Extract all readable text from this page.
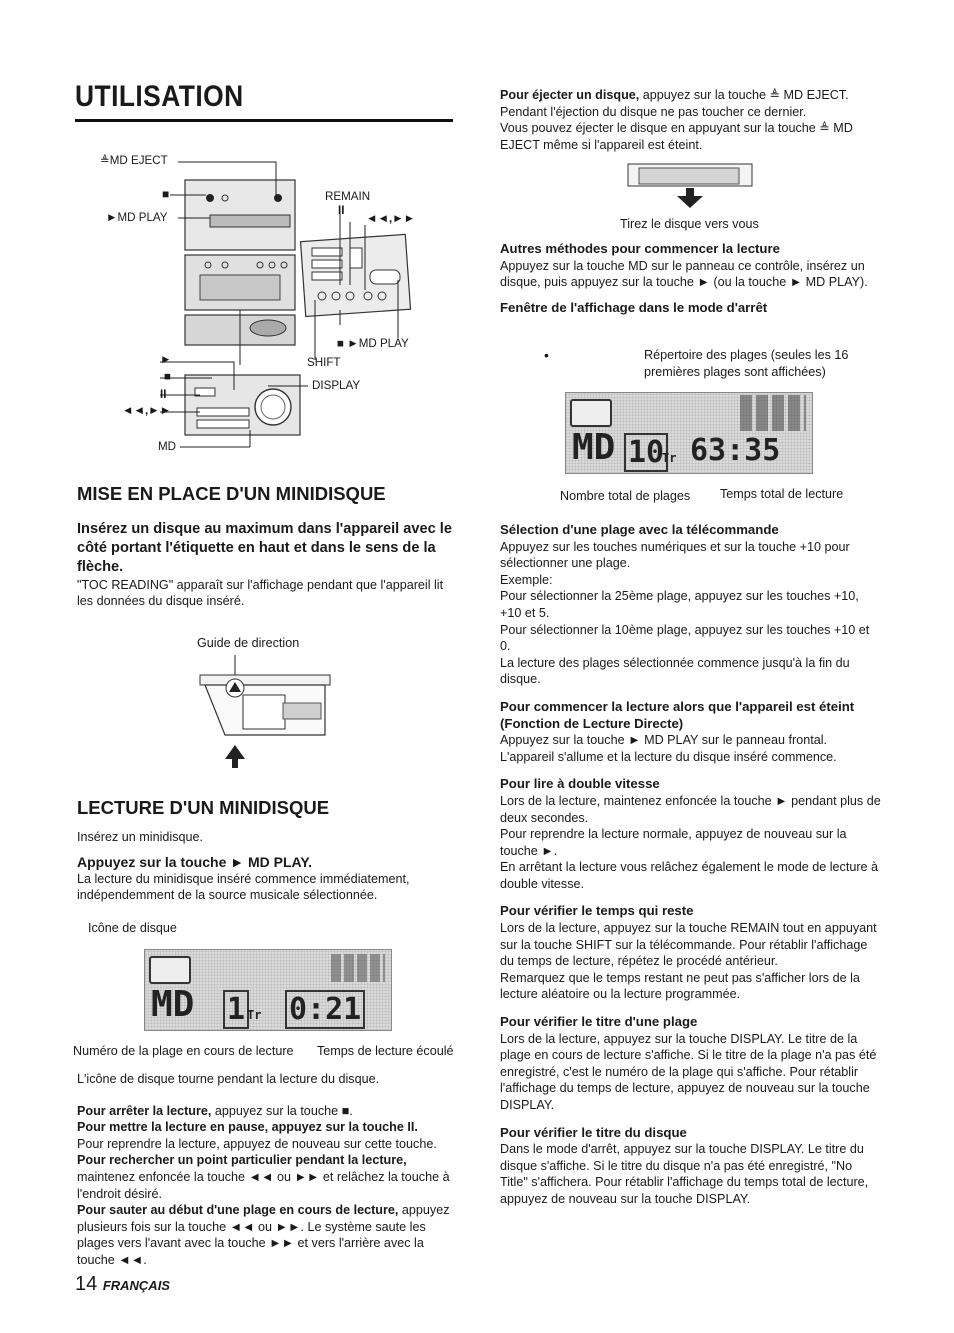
UTILISATION
≜MD EJECT
■
►MD PLAY
REMAIN
II
◄◄,►►
■ ►MD PLAY
SHIFT
►
■
II
◄◄,►►
DISPLAY
MD
MISE EN PLACE D'UN MINIDISQUE

Insérez un disque au maximum dans l'appareil avec le côté portant l'étiquette en haut et dans le sens de la flèche.

"TOC READING" apparaît sur l'affichage pendant que l'appareil lit les données du disque inséré.

Guide de direction
LECTURE D'UN MINIDISQUE

Insérez un minidisque.

Appuyez sur la touche ► MD PLAY.

La lecture du minidisque inséré commence immédiatement, indépendemment de la source musicale sélectionnée.

Icône de disque
MD 1 Tr 0:21
Numéro de la plage en cours de lecture Temps de lecture écoulé

L'icône de disque tourne pendant la lecture du disque.

Pour arrêter la lecture, appuyez sur la touche ■.

Pour mettre la lecture en pause, appuyez sur la touche II.

Pour reprendre la lecture, appuyez de nouveau sur cette touche.

Pour rechercher un point particulier pendant la lecture, maintenez enfoncée la touche ◄◄ ou ►► et relâchez la touche à l'endroit désiré.

Pour sauter au début d'une plage en cours de lecture, appuyez plusieurs fois sur la touche ◄◄ ou ►►. Le système saute les plages vers l'avant avec la touche ►► et vers l'arrière avec la touche ◄◄.

14 FRANÇAIS

Pour éjecter un disque, appuyez sur la touche ≜ MD EJECT.

Pendant l'éjection du disque ne pas toucher ce dernier.

Vous pouvez éjecter le disque en appuyant sur la touche ≜ MD EJECT même si l'appareil est éteint.

Tirez le disque vers vous

Autres méthodes pour commencer la lecture

Appuyez sur la touche MD sur le panneau ce contrôle, insérez un disque, puis appuyez sur la touche ► (ou la touche ► MD PLAY).

Fenêtre de l'affichage dans le mode d'arrêt

•	Répertoire des plages (seules les 16 premières plages sont affichées)
MD 10
Tr 63:35
Nombre total de plages Temps total de lecture

Sélection d'une plage avec la télécommande

Appuyez sur les touches numériques et sur la touche +10 pour sélectionner une plage.

Exemple:

Pour sélectionner la 25ème plage, appuyez sur les touches +10, +10 et 5.

Pour sélectionner la 10ème plage, appuyez sur les touches +10 et 0.

La lecture des plages sélectionnée commence jusqu'à la fin du disque.

Pour commencer la lecture alors que l'appareil est éteint (Fonction de Lecture Directe)

Appuyez sur la touche ► MD PLAY sur le panneau frontal. L'appareil s'allume et la lecture du disque inséré commence.

Pour lire à double vitesse

Lors de la lecture, maintenez enfoncée la touche ► pendant plus de deux secondes.

Pour reprendre la lecture normale, appuyez de nouveau sur la touche ►.

En arrêtant la lecture vous relâchez également le mode de lecture à double vitesse.

Pour vérifier le temps qui reste

Lors de la lecture, appuyez sur la touche REMAIN tout en appuyant sur la touche SHIFT sur la télécommande. Pour rétablir l'affichage du temps de lecture, répétez le procédé antérieur.

Remarquez que le temps restant ne peut pas s'afficher lors de la lecture aléatoire ou la lecture programmée.

Pour vérifier le titre d'une plage

Lors de la lecture, appuyez sur la touche DISPLAY. Le titre de la plage en cours de lecture s'affiche. Si le titre de la plage n'a pas été enregistré, c'est le numéro de la plage qui s'affiche. Pour rétablir l'affichage du temps de lecture, appuyez de nouveau sur la touche DISPLAY.

Pour vérifier le titre du disque

Dans le mode d'arrêt, appuyez sur la touche DISPLAY. Le titre du disque s'affiche. Si le titre du disque n'a pas été enregistré, "No Title" s'affichera. Pour rétablir l'affichage du temps total de lecture, appuyez de nouveau sur la touche DISPLAY.
